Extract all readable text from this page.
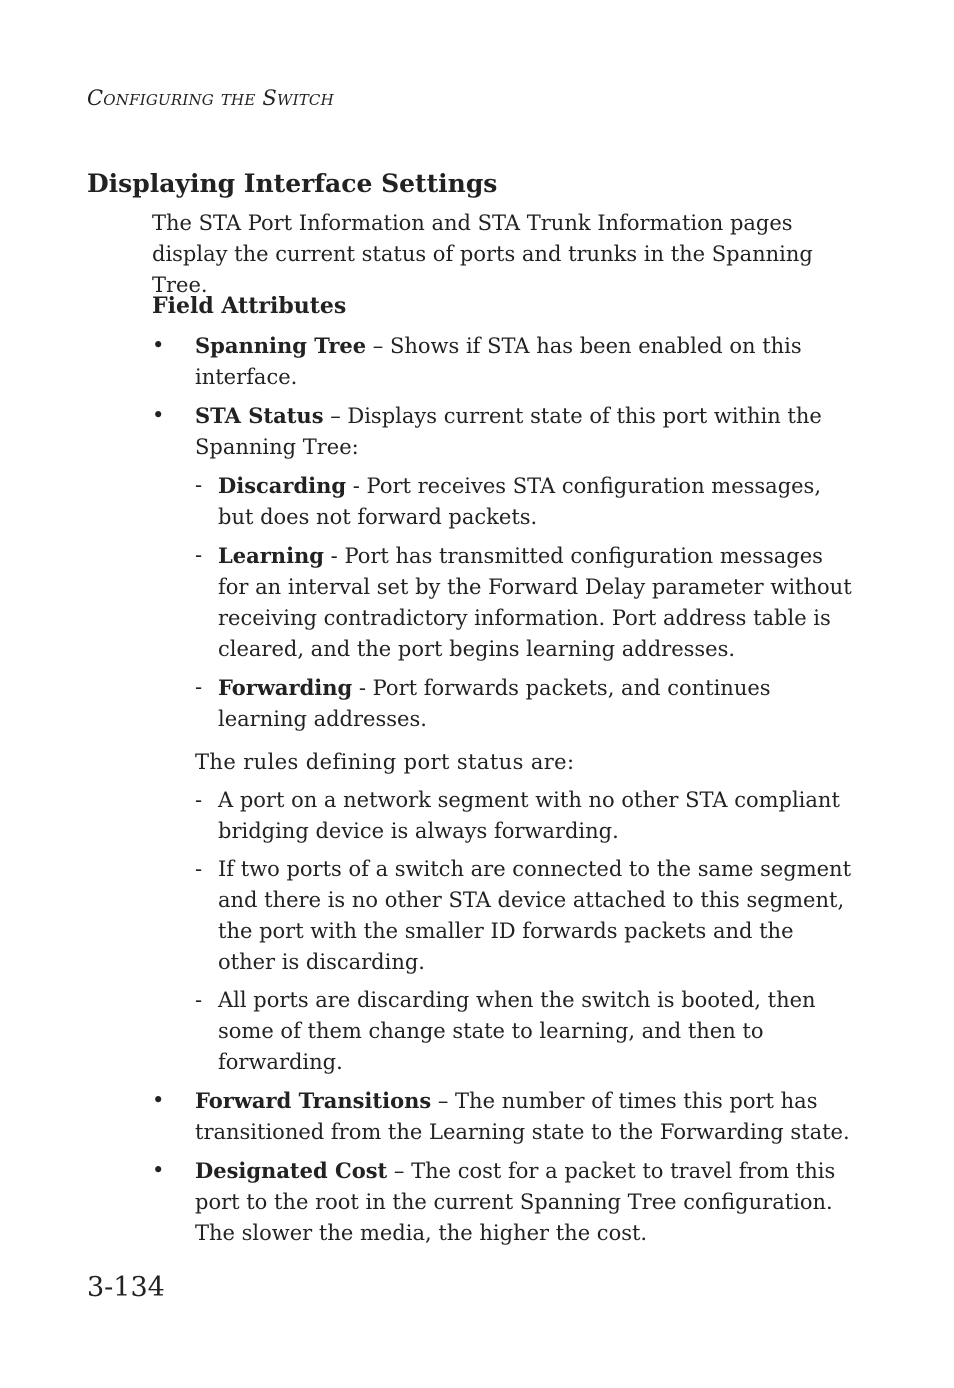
Configuring the Switch
Displaying Interface Settings

The STA Port Information and STA Trunk Information pages display the current status of ports and trunks in the Spanning Tree.

Field Attributes
• Spanning Tree – Shows if STA has been enabled on this interface.
• STA Status – Displays current state of this port within the Spanning Tree:
- Discarding - Port receives STA configuration messages, but does not forward packets.
- Learning - Port has transmitted configuration messages for an interval set by the Forward Delay parameter without receiving contradictory information. Port address table is cleared, and the port begins learning addresses.
- Forwarding - Port forwards packets, and continues learning addresses.

The rules defining port status are:

- A port on a network segment with no other STA compliant bridging device is always forwarding.
- If two ports of a switch are connected to the same segment and there is no other STA device attached to this segment, the port with the smaller ID forwards packets and the other is discarding.
- All ports are discarding when the switch is booted, then some of them change state to learning, and then to forwarding.
• Forward Transitions – The number of times this port has transitioned from the Learning state to the Forwarding state.
• Designated Cost – The cost for a packet to travel from this port to the root in the current Spanning Tree configuration. The slower the media, the higher the cost.
3-134
